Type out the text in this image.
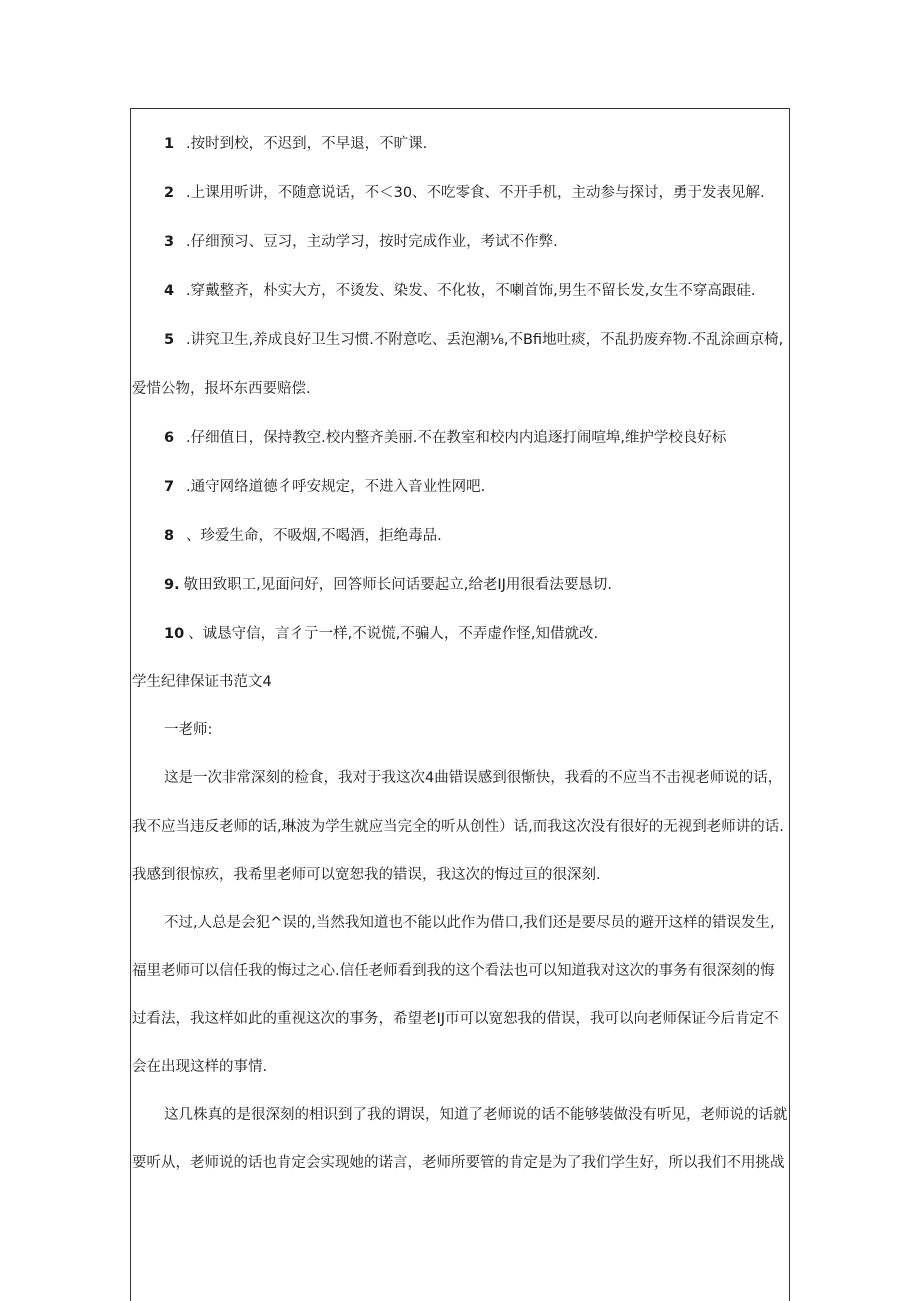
1 .按时到校，不迟到，不早退，不旷课.
2 .上课用听讲，不随意说话，不＜30、不吃零食、不开手机，主动参与探讨，勇于发表见解.
3 .仔细预习、豆习，主动学习，按时完成作业，考试不作弊.
4 .穿戴整齐，朴实大方，不烫发、染发、不化妆，不喇首饰,男生不留长发,女生不穿高跟硅.
5 .讲究卫生,养成良好卫生习惯.不附意吃、丢泡潮⅛,不Bfi地吐痰，不乱扔废弃物.不乱涂画京椅,
爱惜公物，报坏东西要赔偿.
6 .仔细值日，保持教空.校内整齐美丽.不在教室和校内内追逐打闹喧埠,维护学校良好标
7 .通守网络道德彳呼安规定，不进入音业性网吧.
8 、珍爱生命，不吸烟,不喝酒，拒绝毒品.
9. 敬田致职工,见面问好，回答师长问话要起立,给老IJ用很看法要恳切.
10 、诚恳守信，言彳亍一样,不说慌,不骗人，不弄虚作怪,知借就改.
学生纪律保证书范文4
一老师:
这是一次非常深刻的检食，我对于我这次4曲错误感到很惭快，我看的不应当不击视老师说的话，
我不应当违反老师的话,琳波为学生就应当完全的听从创性）话,而我这次没有很好的无视到老师讲的话.
我感到很惊疚，我希里老师可以宽恕我的错误，我这次的悔过亘的很深刻.
不过,人总是会犯^误的,当然我知道也不能以此作为借口,我们还是要尽员的避开这样的错误发生,
福里老师可以信任我的悔过之心.信任老师看到我的这个看法也可以知道我对这次的事务有很深刻的悔
过看法，我这样如此的重视这次的事务，希望老IJ帀可以宽恕我的借误，我可以向老师保证今后肯定不
会在出现这样的事情.
这几株真的是很深刻的相识到了我的谓误，知道了老师说的话不能够装做没有听见，老师说的话就
要听从，老师说的话也肯定会实现她的诺言，老师所要管的肯定是为了我们学生好，所以我们不用挑战
